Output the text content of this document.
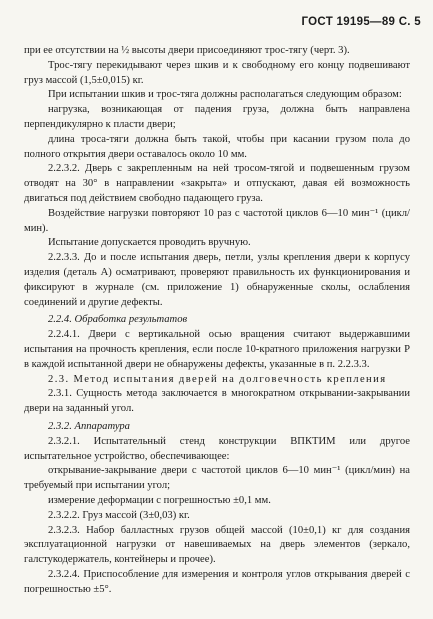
ГОСТ 19195—89 С. 5

при ее отсутствии на ½ высоты двери присоединяют трос-тягу (черт. 3).

Трос-тягу перекидывают через шкив и к свободному его концу подвешивают груз массой (1,5±0,015) кг.

При испытании шкив и трос-тяга должны располагаться следующим образом:

нагрузка, возникающая от падения груза, должна быть направлена перпендикулярно к пласти двери;

длина троса-тяги должна быть такой, чтобы при касании грузом пола до полного открытия двери оставалось около 10 мм.

2.2.3.2. Дверь с закрепленным на ней тросом-тягой и подвешенным грузом отводят на 30° в направлении «закрыта» и отпускают, давая ей возможность двигаться под действием свободно падающего груза.

Воздействие нагрузки повторяют 10 раз с частотой циклов 6—10 мин⁻¹ (цикл/мин).

Испытание допускается проводить вручную.

2.2.3.3. До и после испытания дверь, петли, узлы крепления двери к корпусу изделия (деталь А) осматривают, проверяют правильность их функционирования и фиксируют в журнале (см. приложение 1) обнаруженные сколы, ослабления соединений и другие дефекты.

2.2.4. Обработка результатов

2.2.4.1. Двери с вертикальной осью вращения считают выдержавшими испытания на прочность крепления, если после 10-кратного приложения нагрузки P в каждой испытанной двери не обнаружены дефекты, указанные в п. 2.2.3.3.

2.3. Метод испытания дверей на долговечность крепления

2.3.1. Сущность метода заключается в многократном открывании-закрывании двери на заданный угол.

2.3.2. Аппаратура

2.3.2.1. Испытательный стенд конструкции ВПКТИМ или другое испытательное устройство, обеспечивающее:

открывание-закрывание двери с частотой циклов 6—10 мин⁻¹ (цикл/мин) на требуемый при испытании угол;

измерение деформации с погрешностью ±0,1 мм.

2.3.2.2. Груз массой (3±0,03) кг.

2.3.2.3. Набор балластных грузов общей массой (10±0,1) кг для создания эксплуатационной нагрузки от навешиваемых на дверь элементов (зеркало, галстукодержатель, контейнеры и прочее).

2.3.2.4. Приспособление для измерения и контроля углов открывания дверей с погрешностью ±5°.
